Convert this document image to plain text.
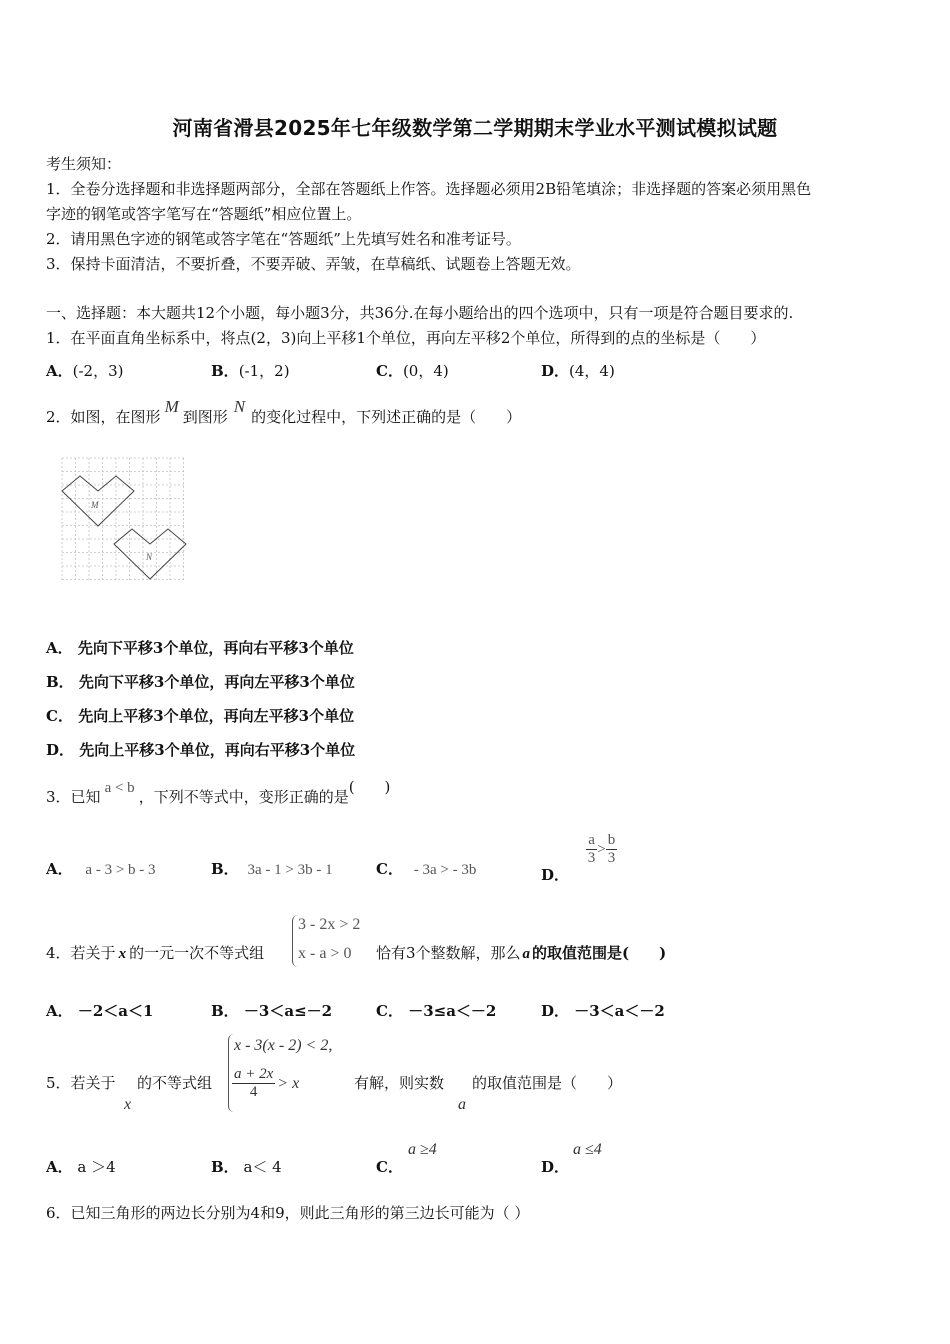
河南省滑县2025年七年级数学第二学期期末学业水平测试模拟试题
考生须知：
1．全卷分选择题和非选择题两部分，全部在答题纸上作答。选择题必须用2B铅笔填涂；非选择题的答案必须用黑色
字迹的钢笔或答字笔写在“答题纸”相应位置上。
2．请用黑色字迹的钢笔或答字笔在“答题纸”上先填写姓名和准考证号。
3．保持卡面清洁，不要折叠，不要弄破、弄皱，在草稿纸、试题卷上答题无效。
一、选择题：本大题共12个小题，每小题3分，共36分.在每小题给出的四个选项中，只有一项是符合题目要求的.
1．在平面直角坐标系中，将点(2，3)向上平移1个单位，再向左平移2个单位，所得到的点的坐标是（　　）
A．(-2，3)	B．(-1，2)	C．(0，4)	D．(4，4)
2．如图，在图形M到图形N的变化过程中，下列述正确的是（　　）
M
N
A． 先向下平移3个单位，再向右平移3个单位
B． 先向下平移3个单位，再向左平移3个单位
C． 先向上平移3个单位，再向左平移3个单位
D． 先向上平移3个单位，再向右平移3个单位
3．已知 a < b ，下列不等式中，变形正确的是(　　)
A． a - 3 > b - 3	B． 3a - 1 > 3b - 1	C． - 3a > - 3b	D．
$\frac{a}{3} > \frac{b}{3}$
4．若关于 x 的一元一次不等式组
3 - 2x > 2
x - a > 0 恰有3个整数解，那么 a 的取值范围是(　　)
A． －2＜a＜1	B． －3＜a≤－2	C． －3≤a＜－2	D． －3＜a＜－2
5．若关于
x
的不等式组
x - 3(x - 2) < 2,
$\frac{a + 2x}{4} > x$	有解，则实数
a
的取值范围是（　　）
A． a ＞4	B． a＜ 4	C．
a ≥4
D．
a ≤4
6．已知三角形的两边长分别为4和9，则此三角形的第三边长可能为（ ）
